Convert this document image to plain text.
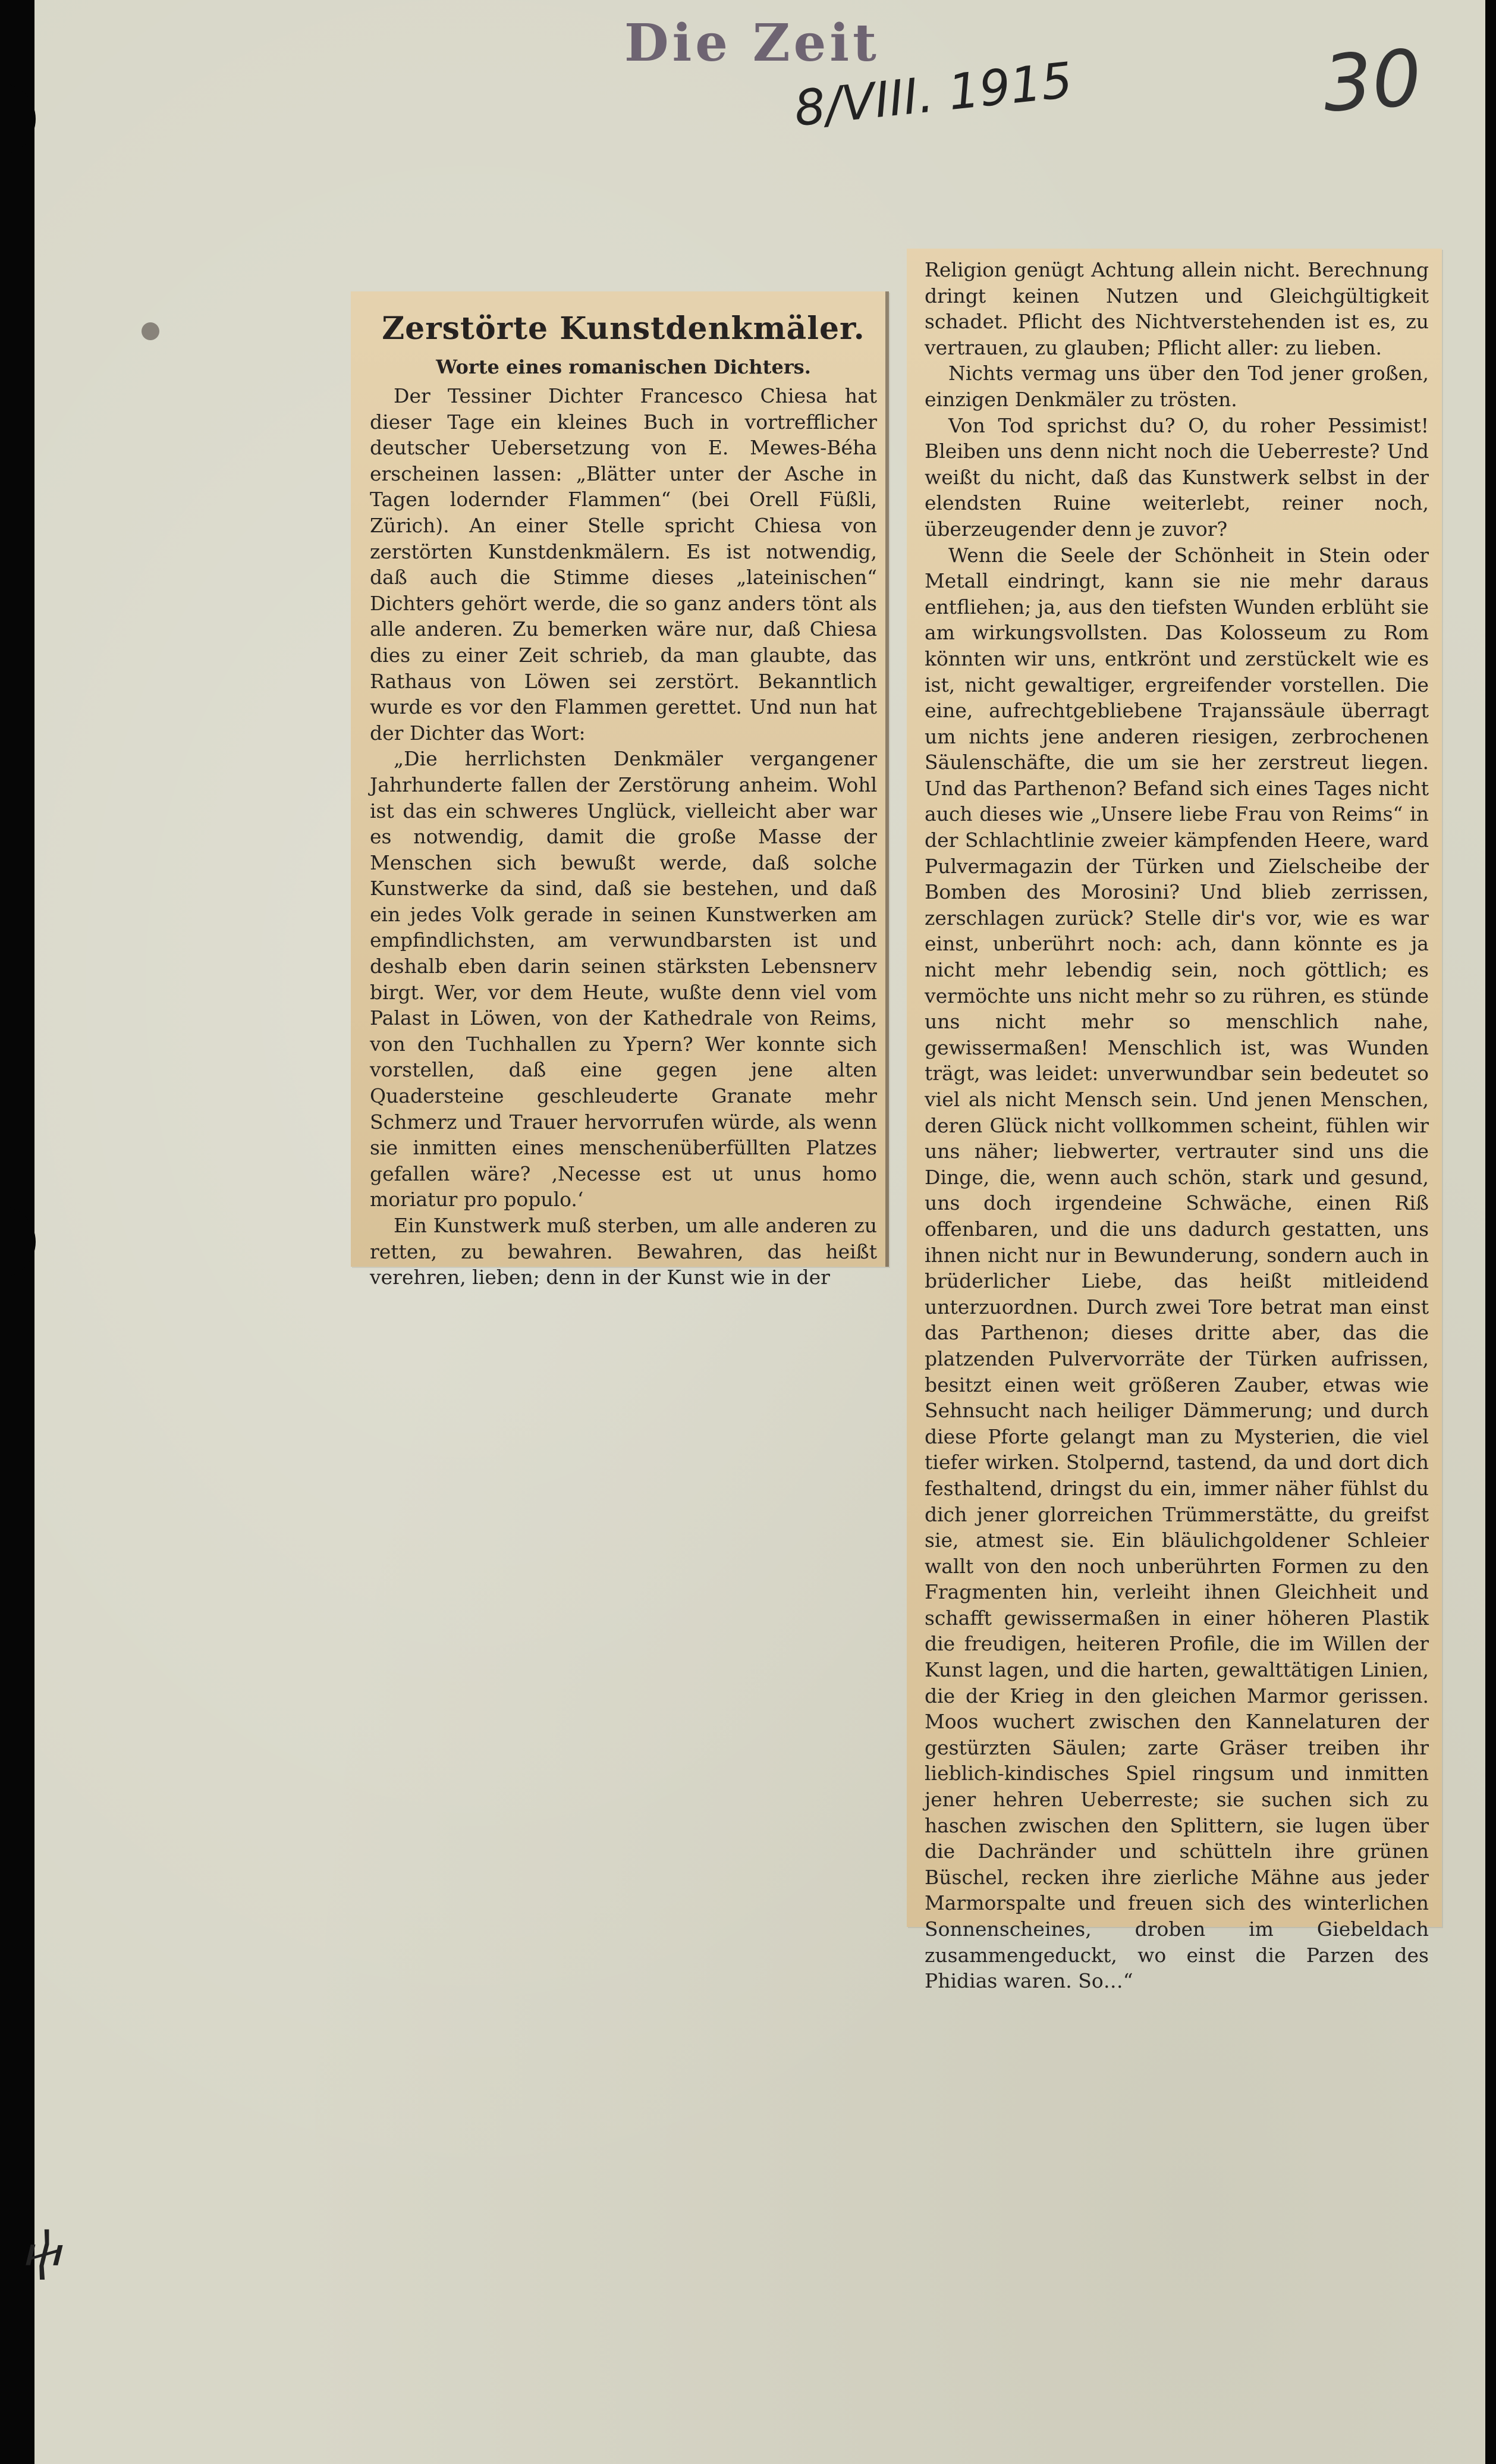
Die Zeit
8/VIII. 1915	30
ⴕ
Zerstörte Kunstdenkmäler.
Worte eines romanischen Dichters.

Der Tessiner Dichter Francesco Chiesa hat dieser Tage ein kleines Buch in vortrefflicher deutscher Uebersetzung von E. Mewes-Béha erscheinen lassen: „Blätter unter der Asche in Tagen lodernder Flammen“ (bei Orell Füßli, Zürich). An einer Stelle spricht Chiesa von zerstörten Kunstdenkmälern. Es ist notwendig, daß auch die Stimme dieses „lateinischen“ Dichters gehört werde, die so ganz anders tönt als alle anderen. Zu bemerken wäre nur, daß Chiesa dies zu einer Zeit schrieb, da man glaubte, das Rathaus von Löwen sei zerstört. Bekanntlich wurde es vor den Flammen gerettet. Und nun hat der Dichter das Wort:

„Die herrlichsten Denkmäler vergangener Jahrhunderte fallen der Zerstörung anheim. Wohl ist das ein schweres Unglück, vielleicht aber war es notwendig, damit die große Masse der Menschen sich bewußt werde, daß solche Kunstwerke da sind, daß sie bestehen, und daß ein jedes Volk gerade in seinen Kunstwerken am empfindlichsten, am verwundbarsten ist und deshalb eben darin seinen stärksten Lebensnerv birgt. Wer, vor dem Heute, wußte denn viel vom Palast in Löwen, von der Kathedrale von Reims, von den Tuchhallen zu Ypern? Wer konnte sich vorstellen, daß eine gegen jene alten Quadersteine geschleuderte Granate mehr Schmerz und Trauer hervorrufen würde, als wenn sie inmitten eines menschenüberfüllten Platzes gefallen wäre? ‚Necesse est ut unus homo moriatur pro populo.‘

Ein Kunstwerk muß sterben, um alle anderen zu retten, zu bewahren. Bewahren, das heißt verehren, lieben; denn in der Kunst wie in der

Religion genügt Achtung allein nicht. Berechnung dringt keinen Nutzen und Gleichgültigkeit schadet. Pflicht des Nichtverstehenden ist es, zu vertrauen, zu glauben; Pflicht aller: zu lieben.

Nichts vermag uns über den Tod jener großen, einzigen Denkmäler zu trösten.

Von Tod sprichst du? O, du roher Pessimist! Bleiben uns denn nicht noch die Ueberreste? Und weißt du nicht, daß das Kunstwerk selbst in der elendsten Ruine weiterlebt, reiner noch, überzeugender denn je zuvor?

Wenn die Seele der Schönheit in Stein oder Metall eindringt, kann sie nie mehr daraus entfliehen; ja, aus den tiefsten Wunden erblüht sie am wirkungsvollsten. Das Kolosseum zu Rom könnten wir uns, entkrönt und zerstückelt wie es ist, nicht gewaltiger, ergreifender vorstellen. Die eine, aufrechtgebliebene Trajanssäule überragt um nichts jene anderen riesigen, zerbrochenen Säulenschäfte, die um sie her zerstreut liegen. Und das Parthenon? Befand sich eines Tages nicht auch dieses wie „Unsere liebe Frau von Reims“ in der Schlachtlinie zweier kämpfenden Heere, ward Pulvermagazin der Türken und Zielscheibe der Bomben des Morosini? Und blieb zerrissen, zerschlagen zurück? Stelle dir's vor, wie es war einst, unberührt noch: ach, dann könnte es ja nicht mehr lebendig sein, noch göttlich; es vermöchte uns nicht mehr so zu rühren, es stünde uns nicht mehr so menschlich nahe, gewissermaßen! Menschlich ist, was Wunden trägt, was leidet: unverwundbar sein bedeutet so viel als nicht Mensch sein. Und jenen Menschen, deren Glück nicht vollkommen scheint, fühlen wir uns näher; liebwerter, vertrauter sind uns die Dinge, die, wenn auch schön, stark und gesund, uns doch irgendeine Schwäche, einen Riß offenbaren, und die uns dadurch gestatten, uns ihnen nicht nur in Bewunderung, sondern auch in brüderlicher Liebe, das heißt mitleidend unterzuordnen. Durch zwei Tore betrat man einst das Parthenon; dieses dritte aber, das die platzenden Pulvervorräte der Türken aufrissen, besitzt einen weit größeren Zauber, etwas wie Sehnsucht nach heiliger Dämmerung; und durch diese Pforte gelangt man zu Mysterien, die viel tiefer wirken. Stolpernd, tastend, da und dort dich festhaltend, dringst du ein, immer näher fühlst du dich jener glorreichen Trümmerstätte, du greifst sie, atmest sie. Ein bläulichgoldener Schleier wallt von den noch unberührten Formen zu den Fragmenten hin, verleiht ihnen Gleichheit und schafft gewissermaßen in einer höheren Plastik die freudigen, heiteren Profile, die im Willen der Kunst lagen, und die harten, gewalttätigen Linien, die der Krieg in den gleichen Marmor gerissen. Moos wuchert zwischen den Kannelaturen der gestürzten Säulen; zarte Gräser treiben ihr lieblich-kindisches Spiel ringsum und inmitten jener hehren Ueberreste; sie suchen sich zu haschen zwischen den Splittern, sie lugen über die Dachränder und schütteln ihre grünen Büschel, recken ihre zierliche Mähne aus jeder Marmorspalte und freuen sich des winterlichen Sonnenscheines, droben im Giebeldach zusammengeduckt, wo einst die Parzen des Phidias waren. So…“
